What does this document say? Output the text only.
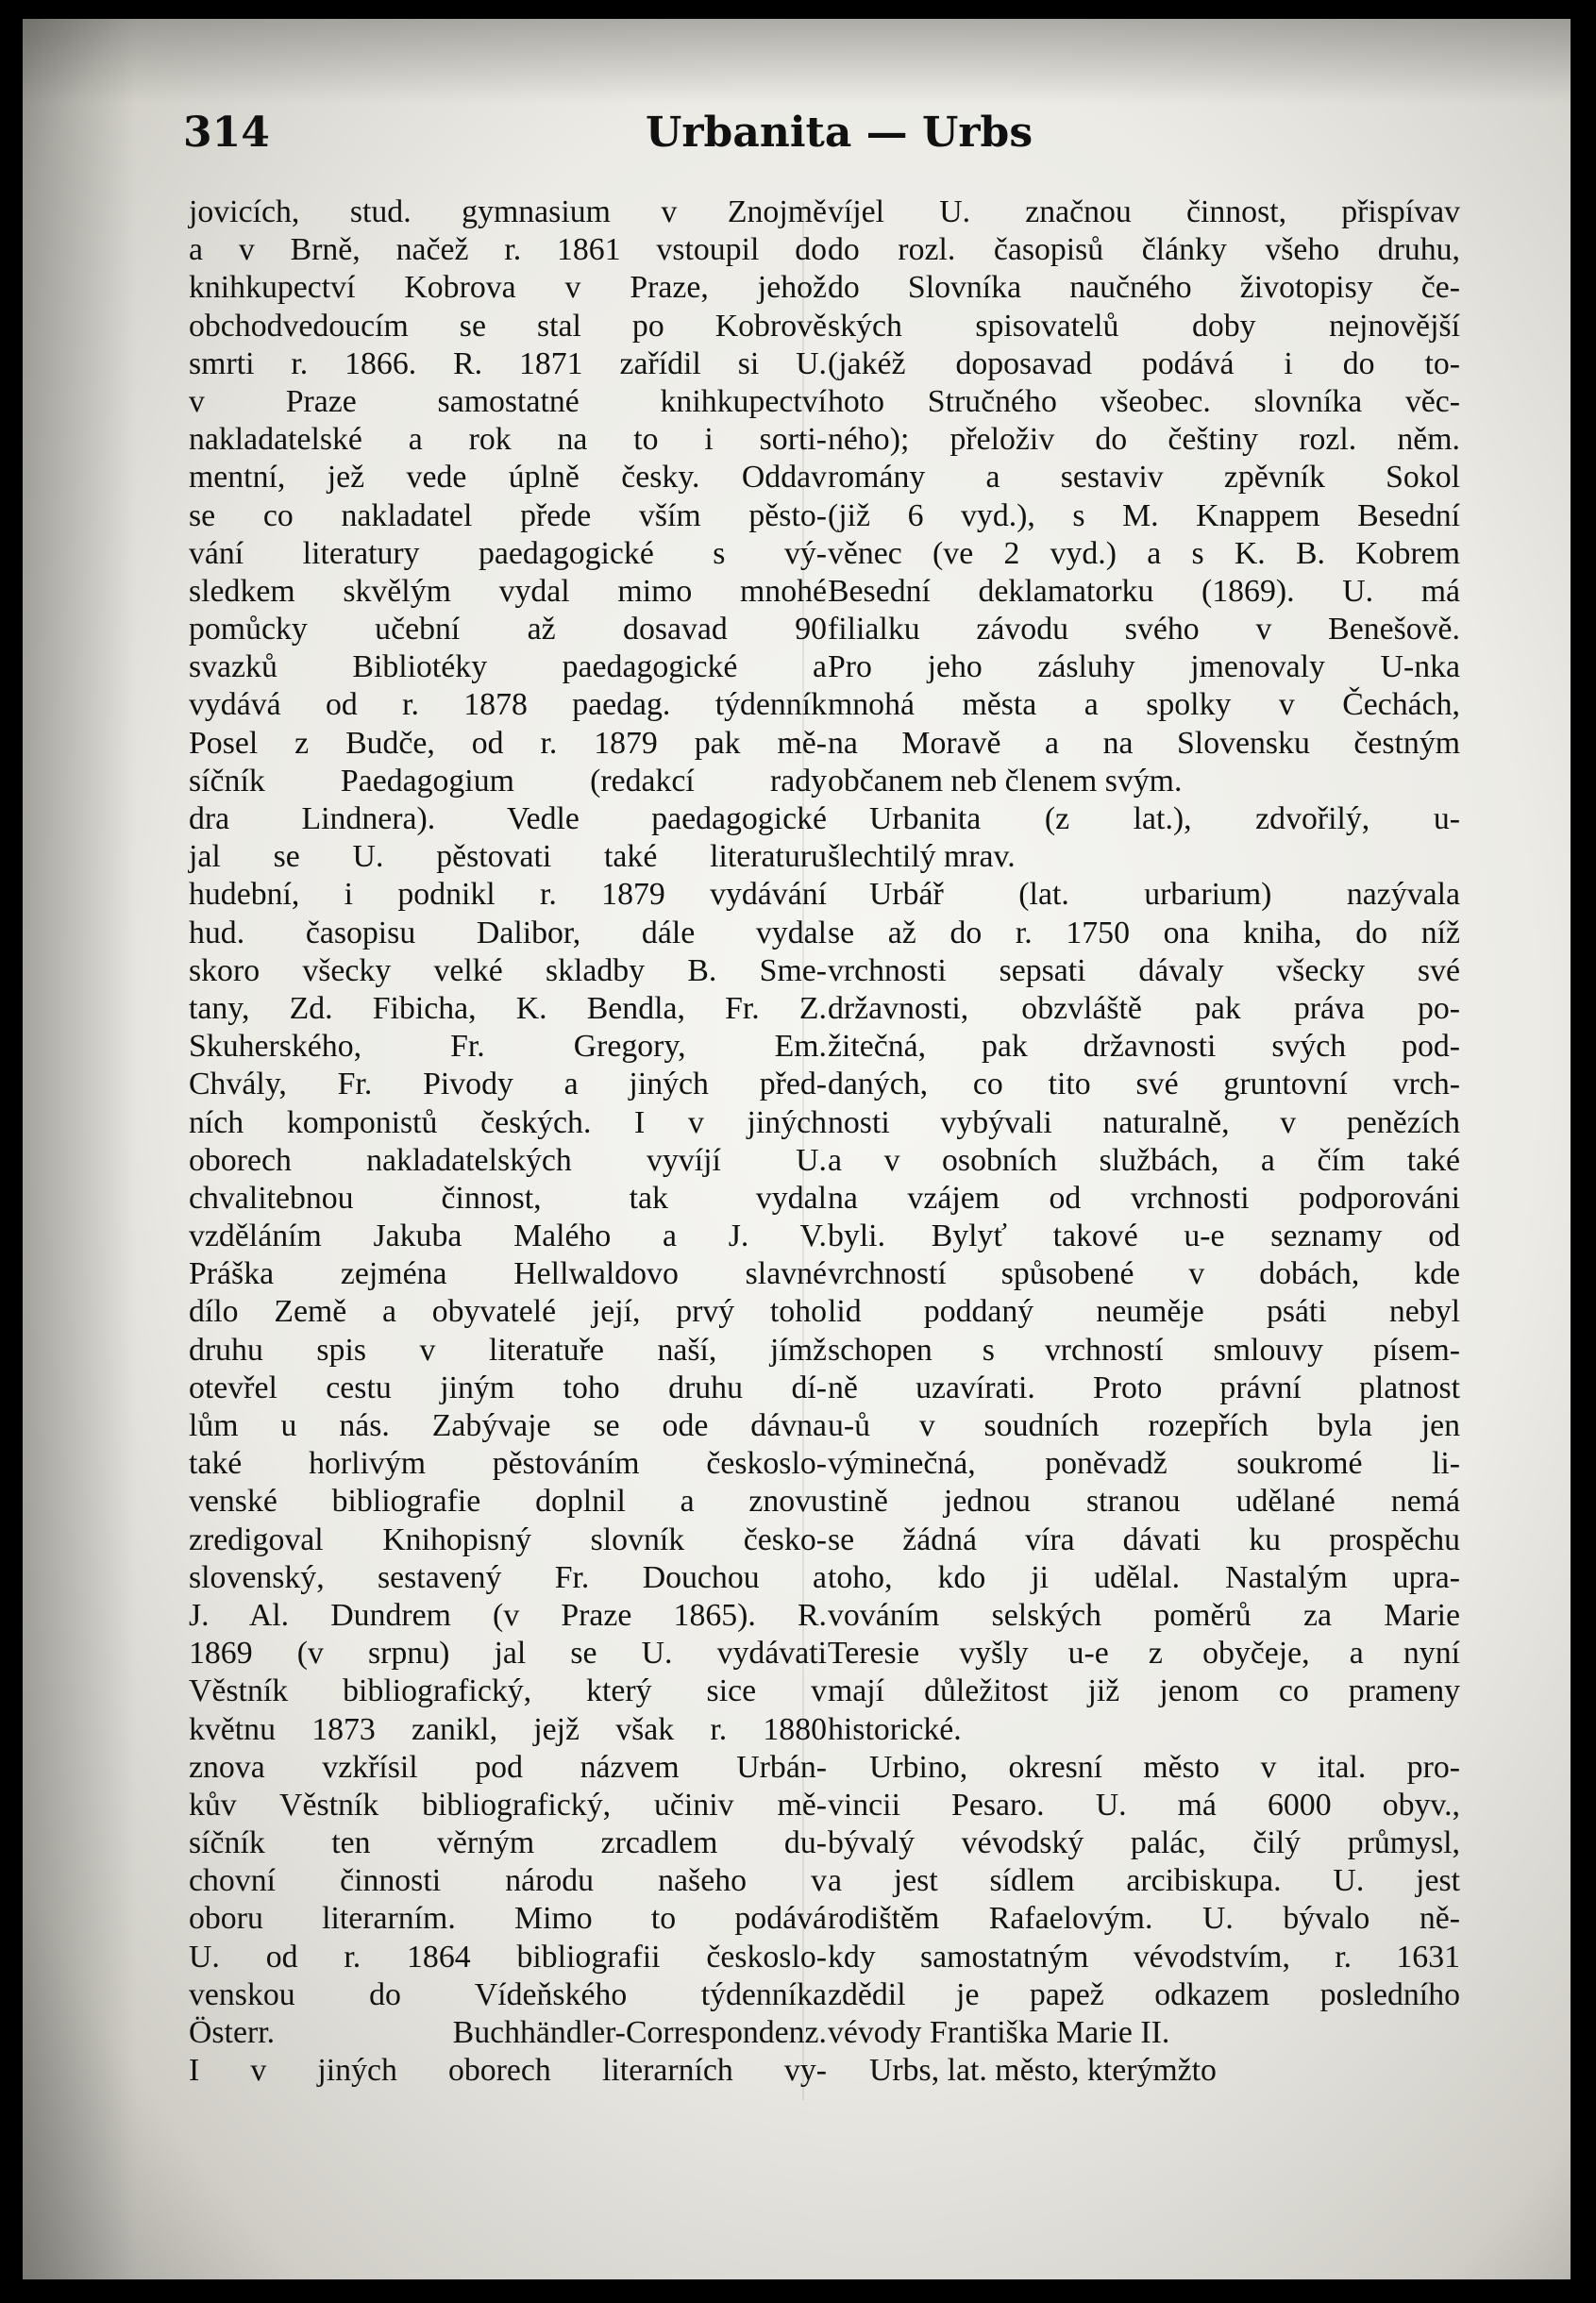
314	Urbanita — Urbs
jovicích, stud. gymnasium v Znojmě
a v Brně, načež r. 1861 vstoupil do
knihkupectví Kobrova v Praze, jehož
obchodvedoucím se stal po Kobrově
smrti r. 1866. R. 1871 zařídil si U.
v Praze samostatné knihkupectví
nakladatelské a rok na to i sorti-
mentní, jež vede úplně česky. Oddav
se co nakladatel přede vším pěsto-
vání literatury paedagogické s vý-
sledkem skvělým vydal mimo mnohé
pomůcky učební až dosavad 90
svazků Bibliotéky paedagogické a
vydává od r. 1878 paedag. týdenník
Posel z Budče, od r. 1879 pak mě-
síčník Paedagogium (redakcí rady
dra Lindnera). Vedle paedagogické
jal se U. pěstovati také literaturu
hudební, i podnikl r. 1879 vydávání
hud. časopisu Dalibor, dále vydal
skoro všecky velké skladby B. Sme-
tany, Zd. Fibicha, K. Bendla, Fr. Z.
Skuherského, Fr. Gregory, Em.
Chvály, Fr. Pivody a jiných před-
ních komponistů českých. I v jiných
oborech nakladatelských vyvíjí U.
chvalitebnou činnost, tak vydal
vzděláním Jakuba Malého a J. V.
Práška zejména Hellwaldovo slavné
dílo Země a obyvatelé její, prvý toho
druhu spis v literatuře naší, jímž
otevřel cestu jiným toho druhu dí-
lům u nás. Zabývaje se ode dávna
také horlivým pěstováním českoslo-
venské bibliografie doplnil a znovu
zredigoval Knihopisný slovník česko-
slovenský, sestavený Fr. Douchou a
J. Al. Dundrem (v Praze 1865). R.
1869 (v srpnu) jal se U. vydávati
Věstník bibliografický, který sice v
květnu 1873 zanikl, jejž však r. 1880
znova vzkřísil pod názvem Urbán-
kův Věstník bibliografický, učiniv mě-
síčník ten věrným zrcadlem du-
chovní činnosti národu našeho v
oboru literarním. Mimo to podává
U. od r. 1864 bibliografii českoslo-
venskou do Vídeňského týdenníka
Österr. Buchhändler-Correspondenz.
I v jiných oborech literarních vy-
víjel U. značnou činnost, přispívav
do rozl. časopisů články všeho druhu,
do Slovníka naučného životopisy če-
ských spisovatelů doby nejnovější
(jakéž doposavad podává i do to-
hoto Stručného všeobec. slovníka věc-
ného); přeloživ do češtiny rozl. něm.
romány a sestaviv zpěvník Sokol
(již 6 vyd.), s M. Knappem Besední
věnec (ve 2 vyd.) a s K. B. Kobrem
Besední deklamatorku (1869). U. má
filialku závodu svého v Benešově.
Pro jeho zásluhy jmenovaly U-nka
mnohá města a spolky v Čechách,
na Moravě a na Slovensku čestným
občanem neb členem svým.
Urbanita (z lat.), zdvořilý, u-
šlechtilý mrav.
Urbář (lat. urbarium) nazývala
se až do r. 1750 ona kniha, do níž
vrchnosti sepsati dávaly všecky své
državnosti, obzvláště pak práva po-
žitečná, pak državnosti svých pod-
daných, co tito své gruntovní vrch-
nosti vybývali naturalně, v penězích
a v osobních službách, a čím také
na vzájem od vrchnosti podporováni
byli. Bylyť takové u-e seznamy od
vrchností spůsobené v dobách, kde
lid poddaný neuměje psáti nebyl
schopen s vrchností smlouvy písem-
ně uzavírati. Proto právní platnost
u-ů v soudních rozepřích byla jen
výminečná, poněvadž soukromé li-
stině jednou stranou udělané nemá
se žádná víra dávati ku prospěchu
toho, kdo ji udělal. Nastalým upra-
vováním selských poměrů za Marie
Teresie vyšly u-e z obyčeje, a nyní
mají důležitost již jenom co prameny
historické.
Urbino, okresní město v ital. pro-
vincii Pesaro. U. má 6000 obyv.,
bývalý vévodský palác, čilý průmysl,
a jest sídlem arcibiskupa. U. jest
rodištěm Rafaelovým. U. bývalo ně-
kdy samostatným vévodstvím, r. 1631
zdědil je papež odkazem posledního
vévody Františka Marie II.
Urbs, lat. město, kterýmžto
